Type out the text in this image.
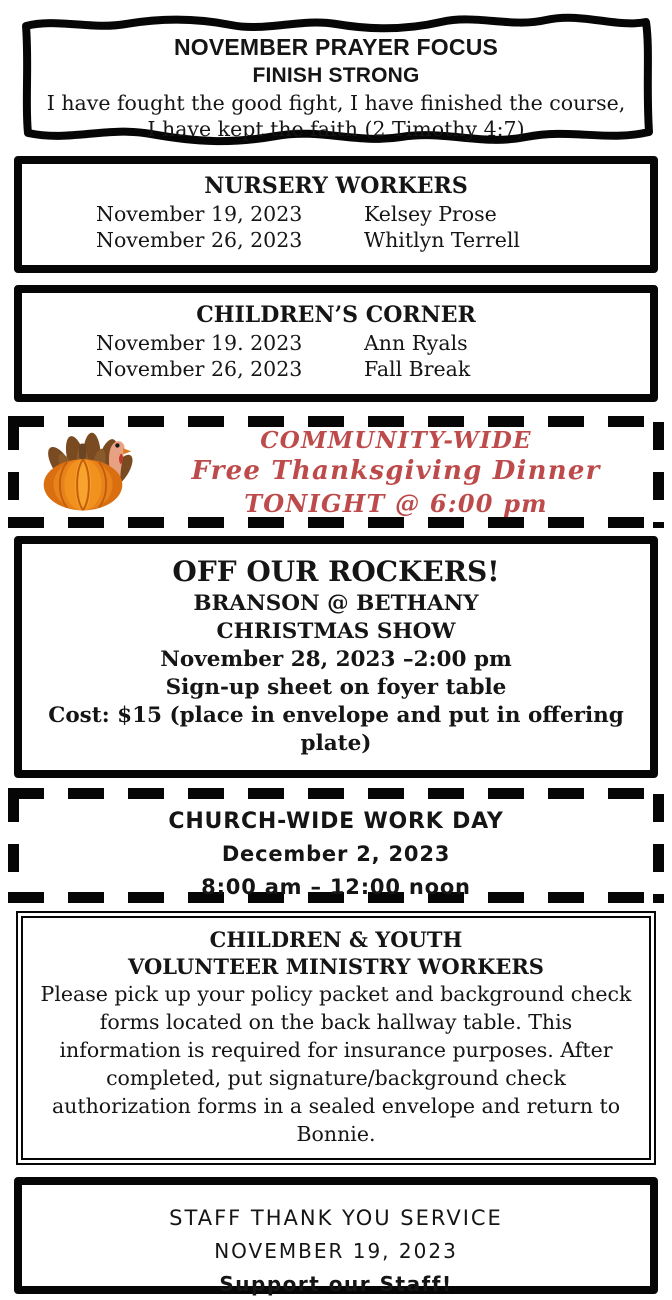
NOVEMBER PRAYER FOCUS
FINISH STRONG
I have fought the good fight, I have finished the course,
I have kept the faith (2 Timothy 4:7)
NURSERY WORKERS
November 19, 2023	Kelsey Prose
November 26, 2023	Whitlyn Terrell
CHILDREN’S CORNER
November 19. 2023	Ann Ryals
November 26, 2023	Fall Break
COMMUNITY-WIDE
Free Thanksgiving Dinner
TONIGHT @ 6:00 pm
OFF OUR ROCKERS!
BRANSON @ BETHANY
CHRISTMAS SHOW
November 28, 2023 –2:00 pm
Sign-up sheet on foyer table
Cost: $15 (place in envelope and put in offering plate)
CHURCH-WIDE WORK DAY
December 2, 2023
8:00 am – 12:00 noon
CHILDREN & YOUTH
VOLUNTEER MINISTRY WORKERS

Please pick up your policy packet and background check forms located on the back hallway table. This information is required for insurance purposes. After completed, put signature/background check authorization forms in a sealed envelope and return to Bonnie.

STAFF THANK YOU SERVICE
NOVEMBER 19, 2023
Support our Staff!
